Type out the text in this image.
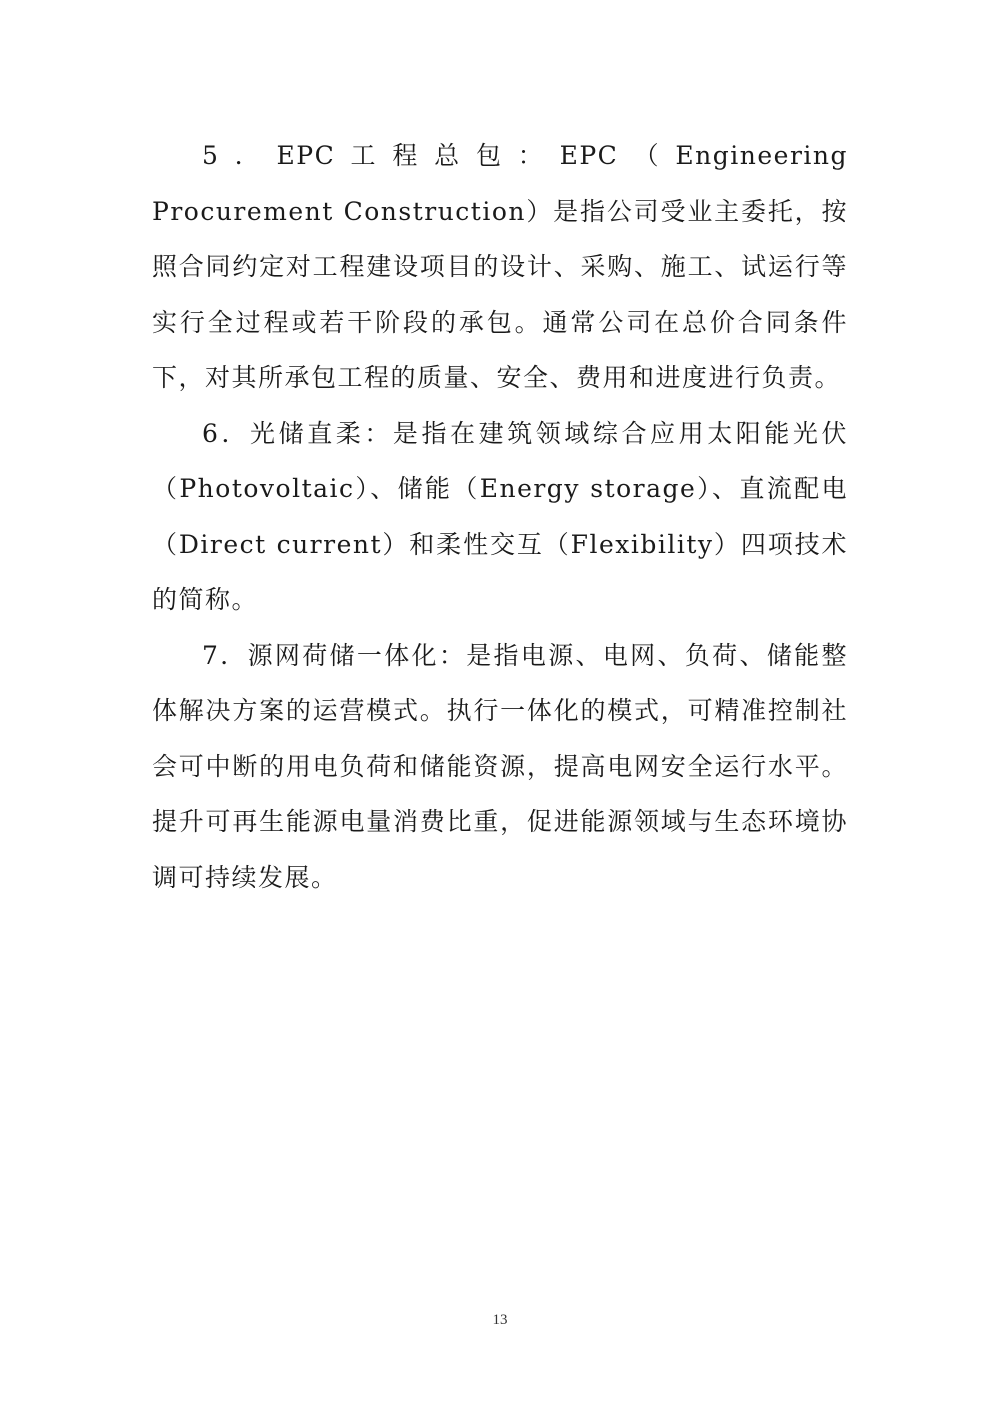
5．EPC工程总包：EPC（Engineering Procurement Construction）是指公司受业主委托，按照合同约定对工程建设项目的设计、采购、施工、试运行等实行全过程或若干阶段的承包。通常公司在总价合同条件下，对其所承包工程的质量、安全、费用和进度进行负责。

6．光储直柔：是指在建筑领域综合应用太阳能光伏（Photovoltaic）、储能（Energy storage）、直流配电（Direct current）和柔性交互（Flexibility）四项技术的简称。

7．源网荷储一体化：是指电源、电网、负荷、储能整体解决方案的运营模式。执行一体化的模式，可精准控制社会可中断的用电负荷和储能资源，提高电网安全运行水平。提升可再生能源电量消费比重，促进能源领域与生态环境协调可持续发展。

13
